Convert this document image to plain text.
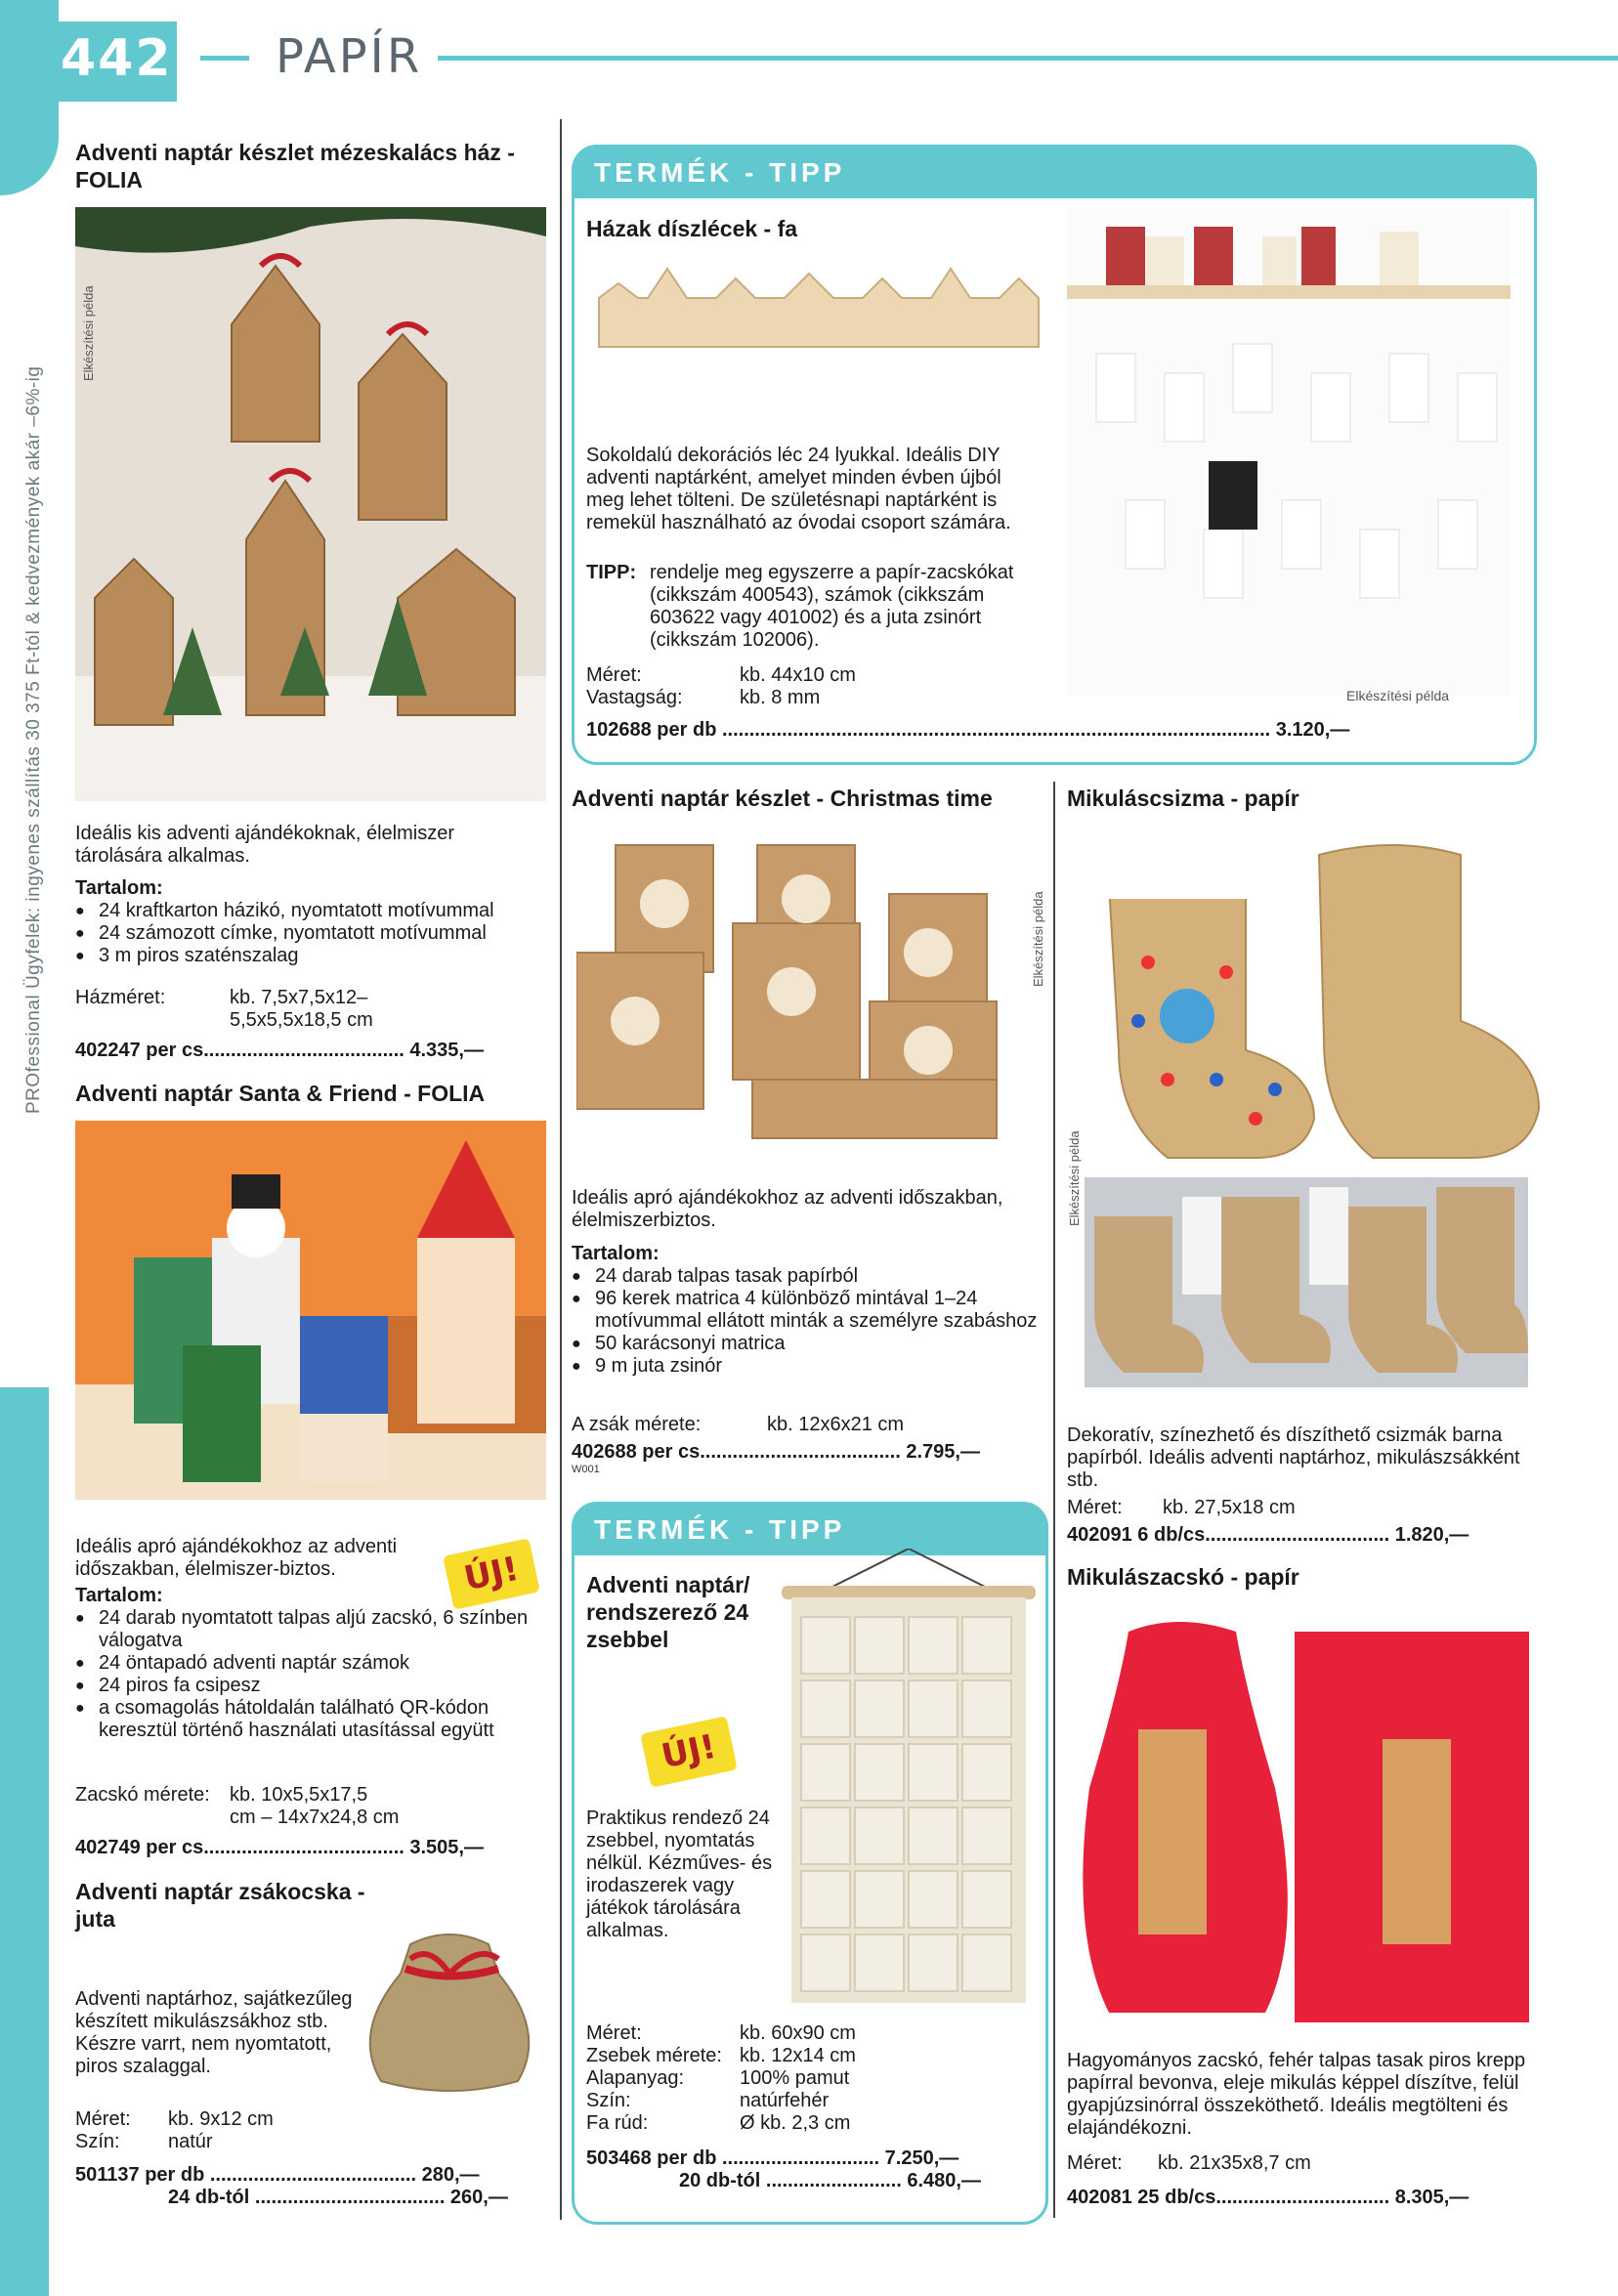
442 PAPÍR
PROfessional Ügyfelek: ingyenes szállítás 30 375 Ft-tól & kedvezmények akár –6%-ig
Adventi naptár készlet mézeskalács ház - FOLIA
Elkészítési példa

Ideális kis adventi ajándékoknak, élelmiszer tárolására alkalmas.

Tartalom:
● 24 kraftkarton házikó, nyomtatott motívummal
● 24 számozott címke, nyomtatott motívummal
● 3 m piros szaténszalag
Házméret:	kb. 7,5x7,5x12–
5,5x5,5x18,5 cm
402247 per cs..................................... 4.335,—
Adventi naptár Santa & Friend - FOLIA

Ideális apró ajándékokhoz az adventi időszakban, élelmiszer-biztos.	ÚJ!
Tartalom:
● 24 darab nyomtatott talpas aljú zacskó, 6 színben válogatva
● 24 öntapadó adventi naptár számok
● 24 piros fa csipesz
● a csomagolás hátoldalán található QR-kódon keresztül történő használati utasítással együtt
Zacskó mérete: kb. 10x5,5x17,5
cm – 14x7x24,8 cm
402749 per cs..................................... 3.505,—
Adventi naptár zsákocska - juta

Adventi naptárhoz, sajátkezűleg készített mikulászsákhoz stb. Készre varrt, nem nyomtatott, piros szalaggal.

Méret: kb. 9x12 cm
Szín: natúr
501137 per db ...................................... 280,—
24 db-tól ................................... 260,—
TERMÉK - TIPP
Házak díszlécek - fa
Elkészítési példa

Sokoldalú dekorációs léc 24 lyukkal. Ideális DIY adventi naptárként, amelyet minden évben újból meg lehet tölteni. De születésnapi naptárként is remekül használható az óvodai csoport számára.

TIPP: rendelje meg egyszerre a papír-zacskókat (cikkszám 400543), számok (cikkszám 603622 vagy 401002) és a juta zsinórt (cikkszám 102006).

Méret:	kb. 44x10 cm
Vastagság:	kb. 8 mm
102688 per db ..................................................................................................... 3.120,—
Adventi naptár készlet - Christmas time
Elkészítési példa

Ideális apró ajándékokhoz az adventi időszakban, élelmiszerbiztos.

Tartalom:
● 24 darab talpas tasak papírból
● 96 kerek matrica 4 különböző mintával 1–24 motívummal ellátott minták a személyre szabáshoz
● 50 karácsonyi matrica
● 9 m juta zsinór
A zsák mérete:	kb. 12x6x21 cm
402688 per cs..................................... 2.795,—
W001
TERMÉK - TIPP
Adventi naptár/ rendszerező 24 zsebbel
ÚJ!

Praktikus rendező 24 zsebbel, nyomtatás nélkül. Kézműves- és irodaszerek vagy játékok tárolására alkalmas.

Méret:	kb. 60x90 cm
Zsebek mérete: kb. 12x14 cm
Alapanyag:	100% pamut
Szín:	natúrfehér
Fa rúd:	Ø kb. 2,3 cm
503468 per db ............................. 7.250,—
20 db-tól ......................... 6.480,—
Mikuláscsizma - papír
Elkészítési példa

Dekoratív, színezhető és díszíthető csizmák barna papírból. Ideális adventi naptárhoz, mikulászsákként stb.

Méret: kb. 27,5x18 cm
402091 6 db/cs.................................. 1.820,—
Mikulászacskó - papír

Hagyományos zacskó, fehér talpas tasak piros krepp papírral bevonva, eleje mikulás képpel díszítve, felül gyapjúzsinórral összeköthető. Ideális megtölteni és elajándékozni.

Méret: kb. 21x35x8,7 cm
402081 25 db/cs................................ 8.305,—
